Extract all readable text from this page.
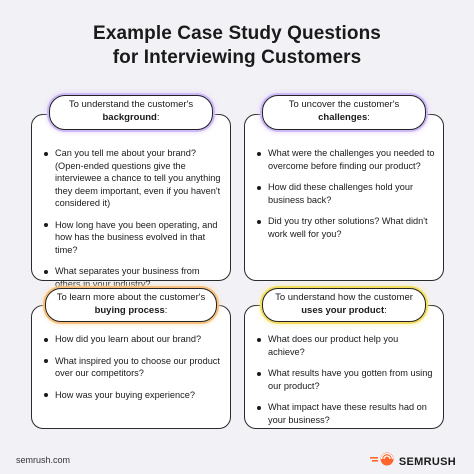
Example Case Study Questions
for Interviewing Customers
Can you tell me about your brand? (Open-ended questions give the interviewee a chance to tell you anything they deem important, even if you haven't considered it)
How long have you been operating, and how has the business evolved in that time?
What separates your business from others in your industry?
To understand the customer's
background:
What were the challenges you needed to overcome before finding our product?
How did these challenges hold your business back?
Did you try other solutions? What didn't work well for you?
To uncover the customer's
challenges:
How did you learn about our brand?
What inspired you to choose our product over our competitors?
How was your buying experience?
To learn more about the customer's
buying process:
What does our product help you achieve?
What results have you gotten from using our product?
What impact have these results had on your business?
To understand how the customer
uses your product:
semrush.com	SEMRUSH
